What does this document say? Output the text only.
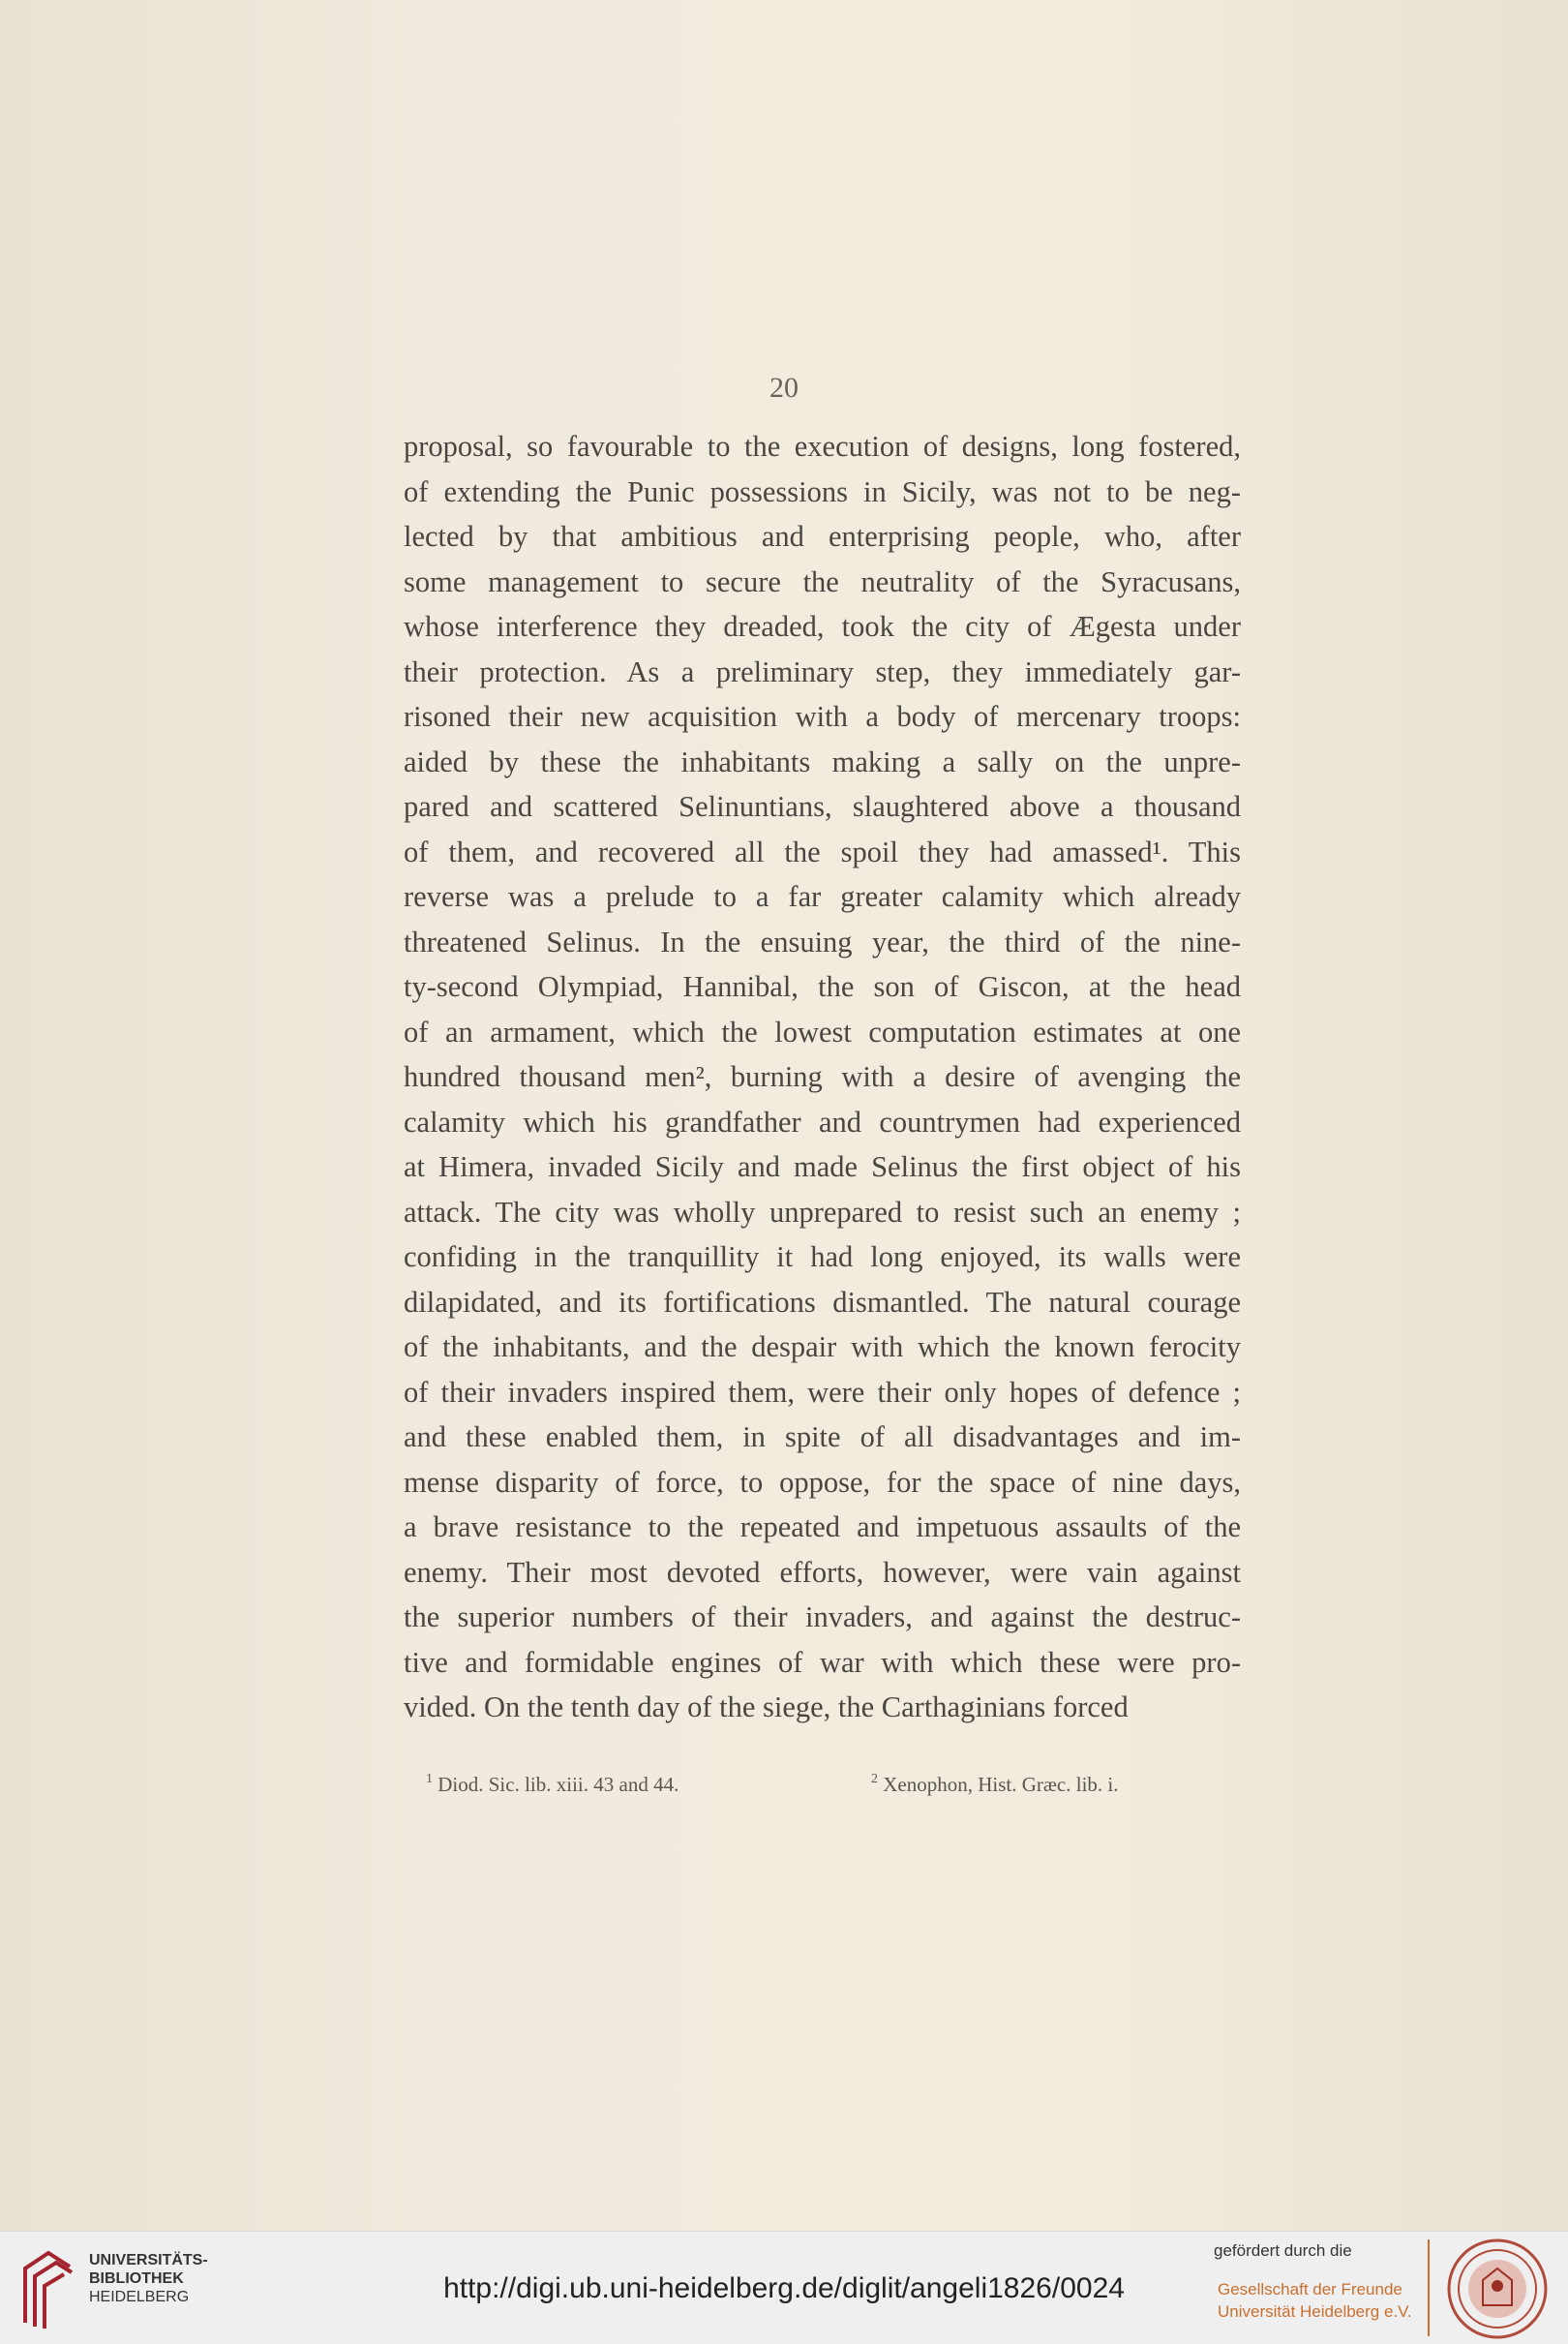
20
proposal, so favourable to the execution of designs, long fostered,
of extending the Punic possessions in Sicily, was not to be neg-
lected by that ambitious and enterprising people, who, after
some management to secure the neutrality of the Syracusans,
whose interference they dreaded, took the city of Ægesta under
their protection. As a preliminary step, they immediately gar-
risoned their new acquisition with a body of mercenary troops:
aided by these the inhabitants making a sally on the unpre-
pared and scattered Selinuntians, slaughtered above a thousand
of them, and recovered all the spoil they had amassed¹. This
reverse was a prelude to a far greater calamity which already
threatened Selinus. In the ensuing year, the third of the nine-
ty-second Olympiad, Hannibal, the son of Giscon, at the head
of an armament, which the lowest computation estimates at one
hundred thousand men², burning with a desire of avenging the
calamity which his grandfather and countrymen had experienced
at Himera, invaded Sicily and made Selinus the first object of his
attack. The city was wholly unprepared to resist such an enemy ;
confiding in the tranquillity it had long enjoyed, its walls were
dilapidated, and its fortifications dismantled. The natural courage
of the inhabitants, and the despair with which the known ferocity
of their invaders inspired them, were their only hopes of defence ;
and these enabled them, in spite of all disadvantages and im-
mense disparity of force, to oppose, for the space of nine days,
a brave resistance to the repeated and impetuous assaults of the
enemy. Their most devoted efforts, however, were vain against
the superior numbers of their invaders, and against the destruc-
tive and formidable engines of war with which these were pro-
vided. On the tenth day of the siege, the Carthaginians forced
$^1$ Diod. Sic. lib. xiii. 43 and 44.	$^2$ Xenophon, Hist. Græc. lib. i.
UNIVERSITÄTS-
BIBLIOTHEK
HEIDELBERG	http://digi.ub.uni-heidelberg.de/diglit/angeli1826/0024
gefördert durch die
Gesellschaft der Freunde
Universität Heidelberg e.V.
